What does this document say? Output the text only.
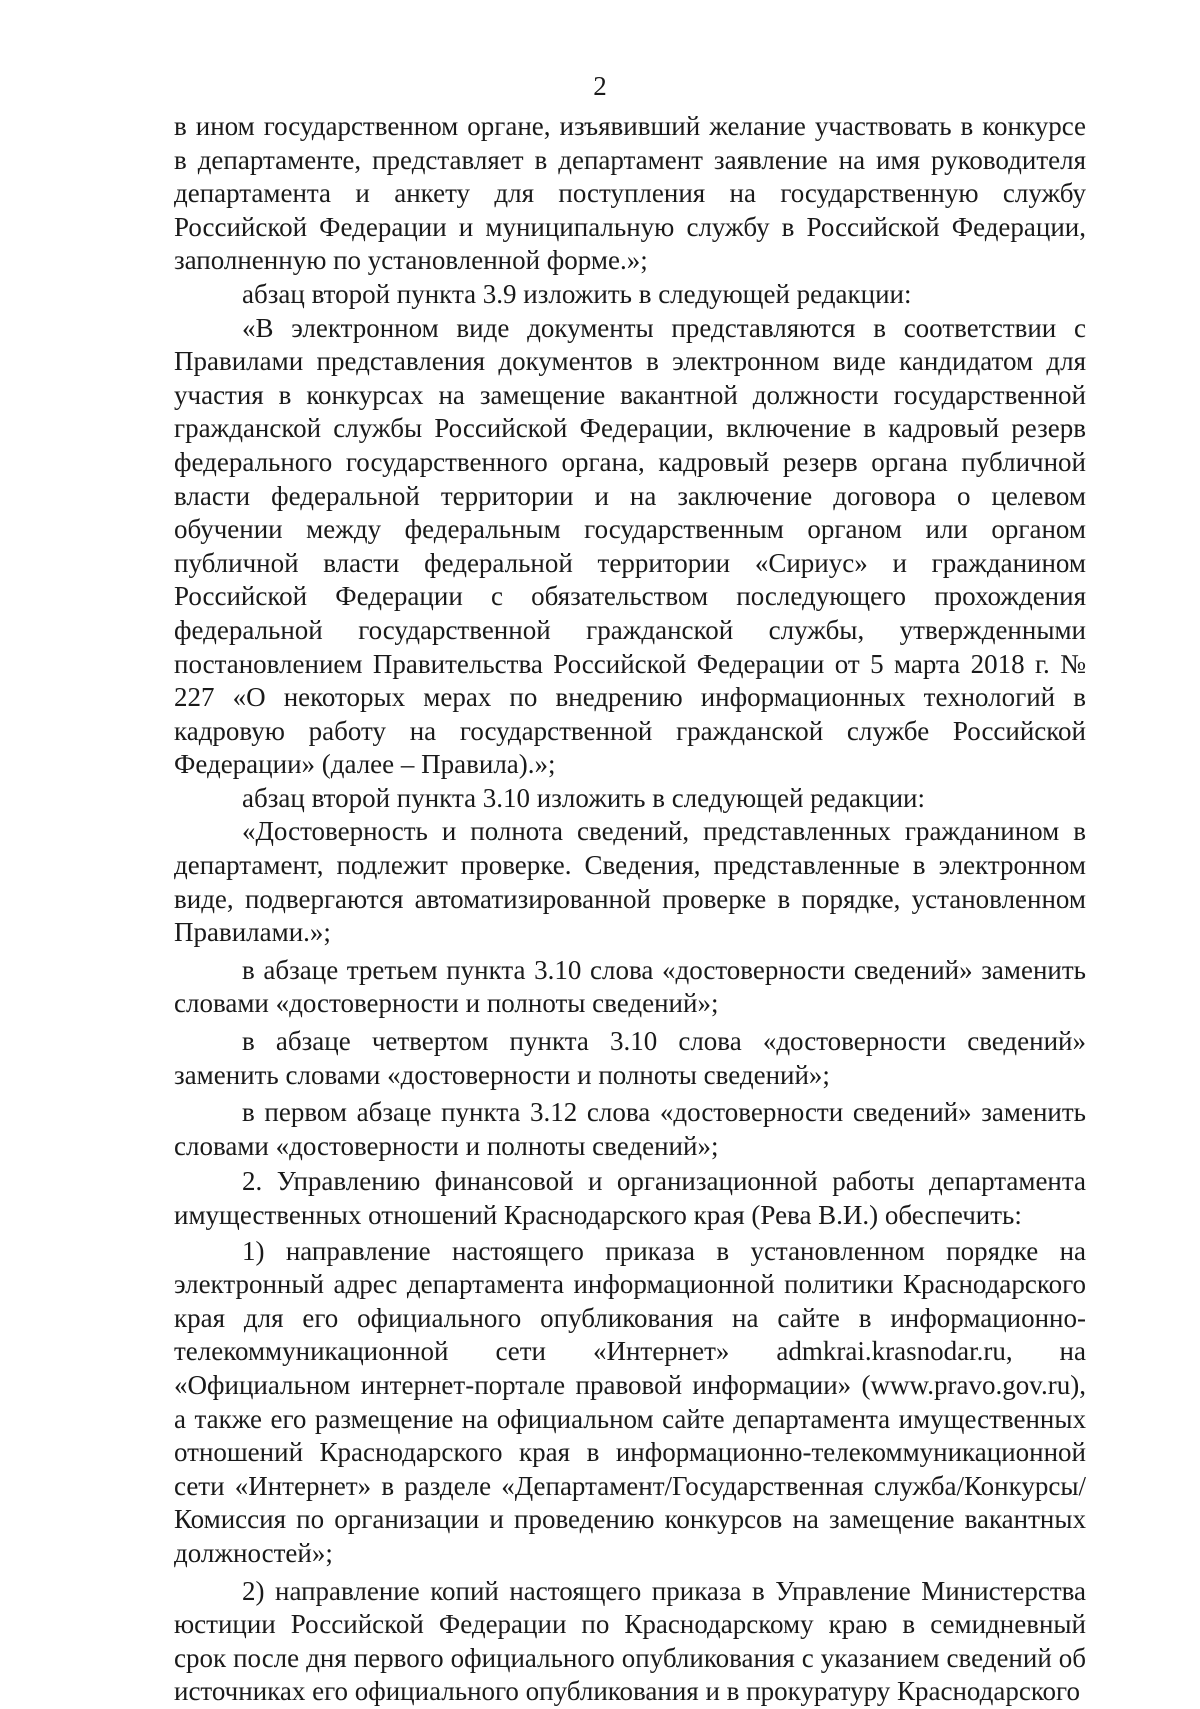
2

в ином государственном органе, изъявивший желание участвовать в конкурсе в департаменте, представляет в департамент заявление на имя руководителя департамента и анкету для поступления на государственную службу Российской Федерации и муниципальную службу в Российской Федерации, заполненную по установленной форме.»;

абзац второй пункта 3.9 изложить в следующей редакции:

«В электронном виде документы представляются в соответствии с Правилами представления документов в электронном виде кандидатом для участия в конкурсах на замещение вакантной должности государственной гражданской службы Российской Федерации, включение в кадровый резерв федерального государственного органа, кадровый резерв органа публичной власти федеральной территории и на заключение договора о целевом обучении между федеральным государственным органом или органом публичной власти федеральной территории «Сириус» и гражданином Российской Федерации с обязательством последующего прохождения федеральной государственной гражданской службы, утвержденными постановлением Правительства Российской Федерации от 5 марта 2018 г. № 227 «О некоторых мерах по внедрению информационных технологий в кадровую работу на государственной гражданской службе Российской Федерации» (далее – Правила).»;

абзац второй пункта 3.10 изложить в следующей редакции:

«Достоверность и полнота сведений, представленных гражданином в департамент, подлежит проверке. Сведения, представленные в электронном виде, подвергаются автоматизированной проверке в порядке, установленном Правилами.»;

в абзаце третьем пункта 3.10 слова «достоверности сведений» заменить словами «достоверности и полноты сведений»;

в абзаце четвертом пункта 3.10 слова «достоверности сведений» заменить словами «достоверности и полноты сведений»;

в первом абзаце пункта 3.12 слова «достоверности сведений» заменить словами «достоверности и полноты сведений»;

2. Управлению финансовой и организационной работы департамента имущественных отношений Краснодарского края (Рева В.И.) обеспечить:

1) направление настоящего приказа в установленном порядке на электронный адрес департамента информационной политики Краснодарского края для его официального опубликования на сайте в информационно-телекоммуникационной сети «Интернет» admkrai.krasnodar.ru, на «Официальном интернет-портале правовой информации» (www.pravo.gov.ru), а также его размещение на официальном сайте департамента имущественных отношений Краснодарского края в информационно-телекоммуникационной сети «Интернет» в разделе «Департамент/Государственная служба/Конкурсы/Комиссия по организации и проведению конкурсов на замещение вакантных должностей»;

2) направление копий настоящего приказа в Управление Министерства юстиции Российской Федерации по Краснодарскому краю в семидневный срок после дня первого официального опубликования с указанием сведений об источниках его официального опубликования и в прокуратуру Краснодарского
